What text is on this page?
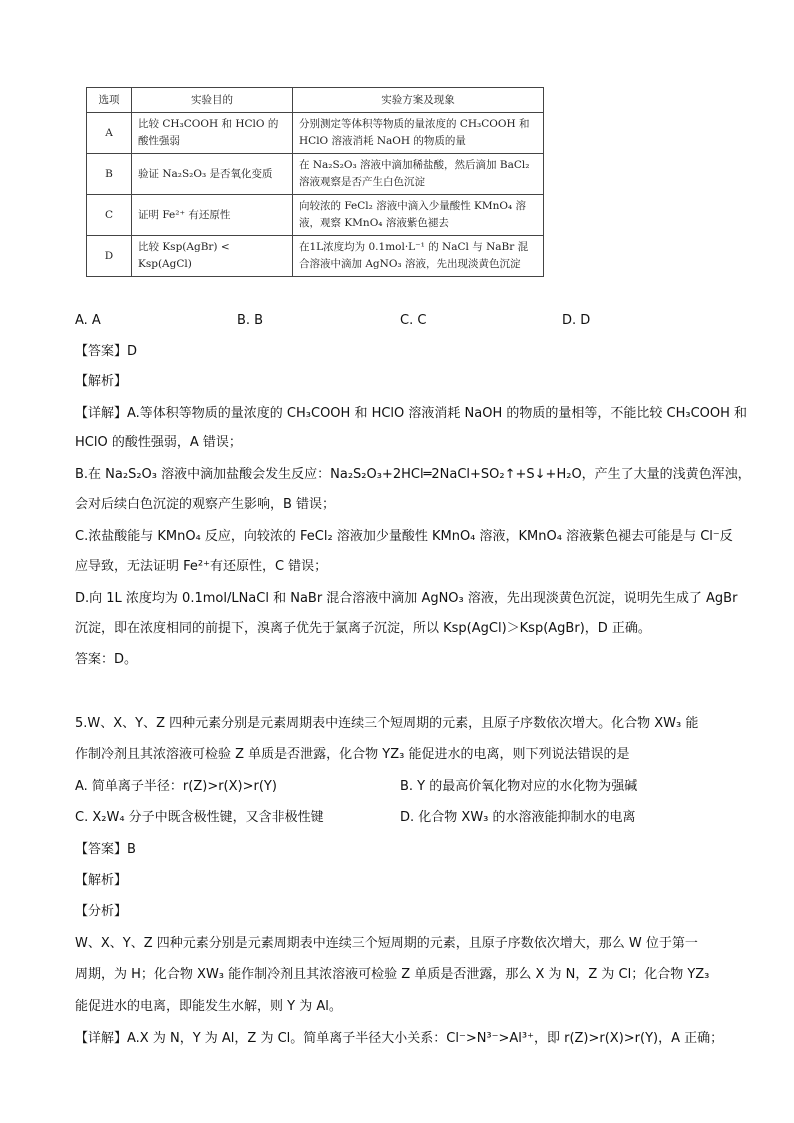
选项	实验目的	实验方案及现象
A	比较 CH₃COOH 和 HClO 的酸性强弱	分别测定等体积等物质的量浓度的 CH₃COOH 和 HClO 溶液消耗 NaOH 的物质的量
B	验证 Na₂S₂O₃ 是否氧化变质	在 Na₂S₂O₃ 溶液中滴加稀盐酸，然后滴加 BaCl₂ 溶液观察是否产生白色沉淀
C	证明 Fe²⁺ 有还原性	向较浓的 FeCl₂ 溶液中滴入少量酸性 KMnO₄ 溶液，观察 KMnO₄ 溶液紫色褪去
D	比较 Ksp(AgBr) < Ksp(AgCl)	在1L浓度均为 0.1mol·L⁻¹ 的 NaCl 与 NaBr 混合溶液中滴加 AgNO₃ 溶液，先出现淡黄色沉淀
A. A	B. B	C. C	D. D
【答案】D
【解析】
【详解】A.等体积等物质的量浓度的 CH₃COOH 和 HClO 溶液消耗 NaOH 的物质的量相等，不能比较 CH₃COOH 和
HClO 的酸性强弱，A 错误；
B.在 Na₂S₂O₃ 溶液中滴加盐酸会发生反应：Na₂S₂O₃+2HCl═2NaCl+SO₂↑+S↓+H₂O，产生了大量的浅黄色浑浊，
会对后续白色沉淀的观察产生影响，B 错误；
C.浓盐酸能与 KMnO₄ 反应，向较浓的 FeCl₂ 溶液加少量酸性 KMnO₄ 溶液，KMnO₄ 溶液紫色褪去可能是与 Cl⁻反
应导致，无法证明 Fe²⁺有还原性，C 错误；
D.向 1L 浓度均为 0.1mol/LNaCl 和 NaBr 混合溶液中滴加 AgNO₃ 溶液，先出现淡黄色沉淀，说明先生成了 AgBr
沉淀，即在浓度相同的前提下，溴离子优先于氯离子沉淀，所以 Ksp(AgCl)＞Ksp(AgBr)，D 正确。
答案：D。
5.W、X、Y、Z 四种元素分别是元素周期表中连续三个短周期的元素，且原子序数依次增大。化合物 XW₃ 能
作制冷剂且其浓溶液可检验 Z 单质是否泄露，化合物 YZ₃ 能促进水的电离，则下列说法错误的是
A. 简单离子半径：r(Z)>r(X)>r(Y)	B. Y 的最高价氧化物对应的水化物为强碱
C. X₂W₄ 分子中既含极性键，又含非极性键	D. 化合物 XW₃ 的水溶液能抑制水的电离
【答案】B
【解析】
【分析】
W、X、Y、Z 四种元素分别是元素周期表中连续三个短周期的元素，且原子序数依次增大，那么 W 位于第一
周期，为 H；化合物 XW₃ 能作制冷剂且其浓溶液可检验 Z 单质是否泄露，那么 X 为 N，Z 为 Cl；化合物 YZ₃
能促进水的电离，即能发生水解，则 Y 为 Al。
【详解】A.X 为 N，Y 为 Al，Z 为 Cl。简单离子半径大小关系：Cl⁻>N³⁻>Al³⁺，即 r(Z)>r(X)>r(Y)，A 正确；
